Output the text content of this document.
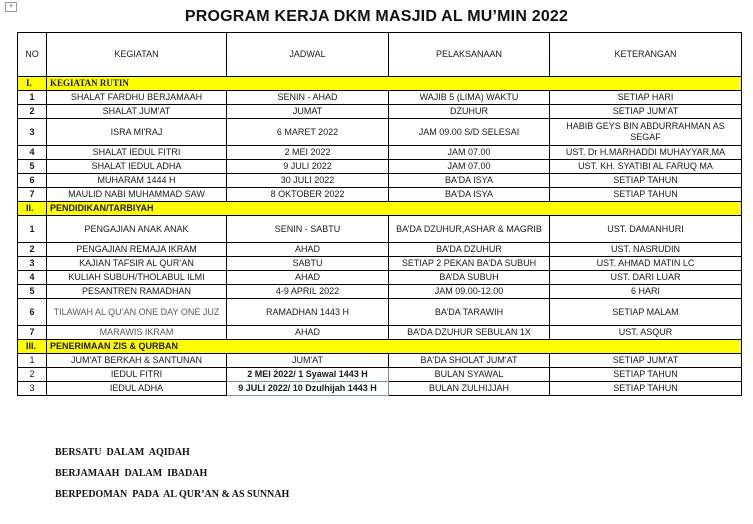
+
PROGRAM KERJA DKM MASJID AL MU’MIN 2022
NO	KEGIATAN	JADWAL	PELAKSANAAN	KETERANGAN
I.	KEGIATAN RUTIN			
1	SHALAT FARDHU BERJAMAAH	SENIN - AHAD	WAJIB 5 (LIMA) WAKTU	SETIAP HARI
2	SHALAT JUM'AT	JUMAT	DZUHUR	SETIAP JUM'AT
3	ISRA MI'RAJ	6 MARET 2022	JAM 09.00 S/D SELESAI	HABIB GEYS BIN ABDURRAHMAN AS SEGAF
4	SHALAT IEDUL FITRI	2 MEI 2022	JAM 07.00	UST. Dr H.MARHADDI MUHAYYAR.MA
5	SHALAT IEDUL ADHA	9 JULI 2022	JAM 07.00	UST. KH. SYATIBI AL FARUQ MA
6	MUHARAM 1444 H	30 JULI 2022	BA'DA ISYA	SETIAP TAHUN
7	MAULID NABI MUHAMMAD SAW	8 OKTOBER 2022	BA'DA ISYA	SETIAP TAHUN
II.	PENDIDIKAN/TARBIYAH			
1	PENGAJIAN ANAK ANAK	SENIN - SABTU	BA’DA DZUHUR,ASHAR & MAGRIB	UST. DAMANHURI
2	PENGAJIAN REMAJA IKRAM	AHAD	BA’DA DZUHUR	UST. NASRUDIN
3	KAJIAN TAFSIR AL QUR’AN	SABTU	SETIAP 2 PEKAN BA’DA SUBUH	UST. AHMAD MATIN LC
4	KULIAH SUBUH/THOLABUL ILMI	AHAD	BA’DA SUBUH	UST. DARI LUAR
5	PESANTREN RAMADHAN	4-9 APRIL 2022	JAM 09.00-12.00	6 HARI
6	TILAWAH AL QU’AN ONE DAY ONE JUZ	RAMADHAN 1443 H	BA’DA TARAWIH	SETIAP MALAM
7	MARAWIS IKRAM	AHAD	BA’DA DZUHUR SEBULAN 1X	UST. ASQUR
III.	PENERIMAAN ZIS & QURBAN			
1	JUM'AT BERKAH & SANTUNAN	JUM'AT	BA'DA SHOLAT JUM'AT	SETIAP JUM'AT
2	IEDUL FITRI	2 MEI 2022/ 1 Syawal 1443 H	BULAN SYAWAL	SETIAP TAHUN
3	IEDUL ADHA	9 JULI 2022/ 10 Dzulhijah 1443 H	BULAN ZULHIJJAH	SETIAP TAHUN
BERSATU  DALAM  AQIDAH
BERJAMAAH  DALAM  IBADAH
BERPEDOMAN  PADA  AL QUR’AN & AS SUNNAH
